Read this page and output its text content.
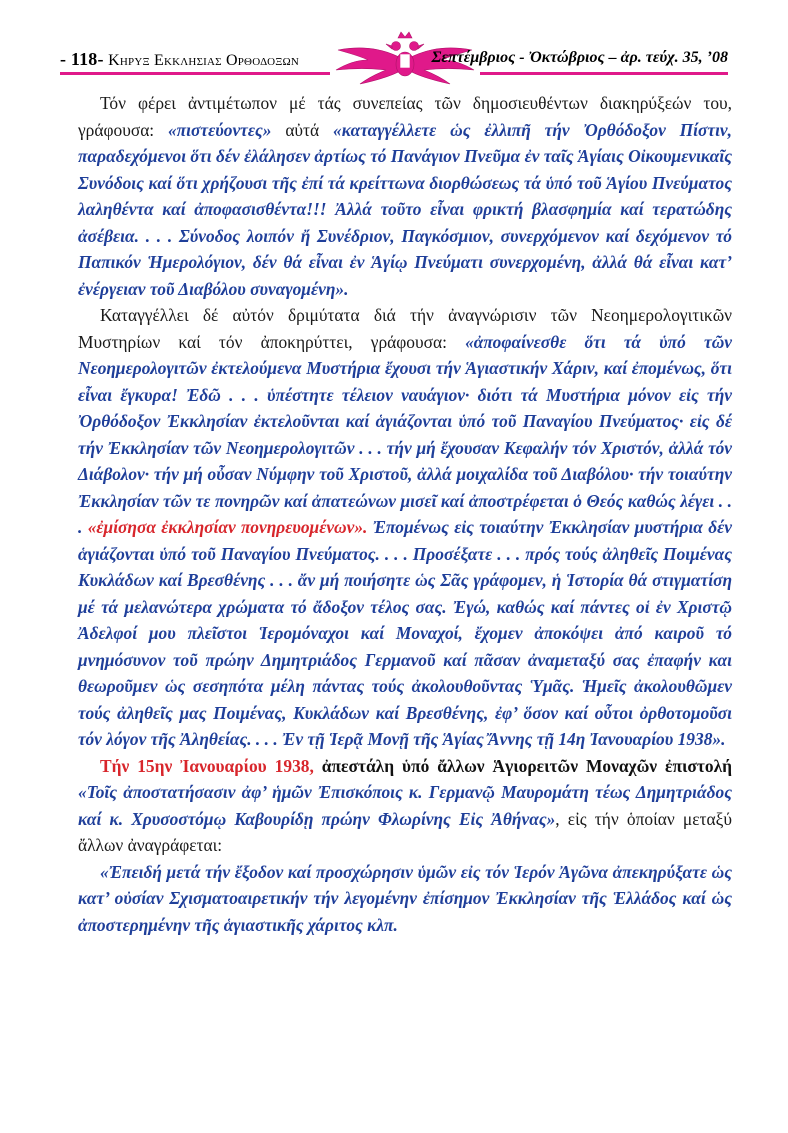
- 118- Κηρυξ Εκκλησιας Ορθοδοξων	Σεπτέμβριος - Ὀκτώβριος – ἀρ. τεύχ. 35, ’08

Τόν φέρει ἀντιμέτωπον μέ τάς συνεπείας τῶν δημοσιευθέντων διακηρύξεών του, γράφουσα: «πιστεύοντες» αὐτά «καταγγέλλετε ὡς ἐλλιπῆ τήν Ὀρθόδοξον Πίστιν, παραδεχόμενοι ὅτι δέν ἐλάλησεν ἀρτίως τό Πανάγιον Πνεῦμα ἐν ταῖς Ἁγίαις Οἰκουμενικαῖς Συνόδοις καί ὅτι χρήζουσι τῆς ἐπί τά κρείττωνα διορθώσεως τά ὑπό τοῦ Ἁγίου Πνεύματος λαληθέντα καί ἀποφασισθέντα!!! Ἀλλά τοῦτο εἶναι φρικτή βλασφημία καί τερατώδης ἀσέβεια. . . . Σύνοδος λοιπόν ἤ Συνέδριον, Παγκόσμιον, συνερχόμενον καί δεχόμενον τό Παπικόν Ἡμερολόγιον, δέν θά εἶναι ἐν Ἁγίῳ Πνεύματι συνερχομένη, ἀλλά θά εἶναι κατ’ ἐνέργειαν τοῦ Διαβόλου συναγομένη».

Καταγγέλλει δέ αὐτόν δριμύτατα διά τήν ἀναγνώρισιν τῶν Νεοημερολογιτικῶν Μυστηρίων καί τόν ἀποκηρύττει, γράφουσα: «ἀποφαίνεσθε ὅτι τά ὑπό τῶν Νεοημερολογιτῶν ἐκτελούμενα Μυστήρια ἔχουσι τήν Ἁγιαστικήν Χάριν, καί ἐπομένως, ὅτι εἶναι ἔγκυρα! Ἐδῶ . . . ὑπέστητε τέλειον ναυάγιον· διότι τά Μυστήρια μόνον εἰς τήν Ὀρθόδοξον Ἐκκλησίαν ἐκτελοῦνται καί ἁγιάζονται ὑπό τοῦ Παναγίου Πνεύματος· εἰς δέ τήν Ἐκκλησίαν τῶν Νεοημερολογιτῶν . . . τήν μή ἔχουσαν Κεφαλήν τόν Χριστόν, ἀλλά τόν Διάβολον· τήν μή οὖσαν Νύμφην τοῦ Χριστοῦ, ἀλλά μοιχαλίδα τοῦ Διαβόλου· τήν τοιαύτην Ἐκκλησίαν τῶν τε πονηρῶν καί ἀπατεώνων μισεῖ καί ἀποστρέφεται ὁ Θεός καθώς λέγει . . . «ἐμίσησα ἐκκλησίαν πονηρευομένων». Ἐπομένως εἰς τοιαύτην Ἐκκλησίαν μυστήρια δέν ἁγιάζονται ὑπό τοῦ Παναγίου Πνεύματος. . . . Προσέξατε . . . πρός τούς ἀληθεῖς Ποιμένας Κυκλάδων καί Βρεσθένης . . . ἄν μή ποιήσητε ὡς Σᾶς γράφομεν, ἡ Ἱστορία θά στιγματίση μέ τά μελανώτερα χρώματα τό ἄδοξον τέλος σας. Ἐγώ, καθώς καί πάντες οἱ ἐν Χριστῷ Ἀδελφοί μου πλεῖστοι Ἱερομόναχοι καί Μοναχοί, ἔχομεν ἀποκόψει ἀπό καιροῦ τό μνημόσυνον τοῦ πρώην Δημητριάδος Γερμανοῦ καί πᾶσαν ἀναμεταξύ σας ἐπαφήν και θεωροῦμεν ὡς σεσηπότα μέλη πάντας τούς ἀκολουθοῦντας Ὑμᾶς. Ἡμεῖς ἀκολουθῶμεν τούς ἀληθεῖς μας Ποιμένας, Κυκλάδων καί Βρεσθένης, ἐφ’ ὅσον καί οὗτοι ὀρθοτομοῦσι τόν λόγον τῆς Ἀληθείας. . . . Ἐν τῇ Ἱερᾷ Μονῇ τῆς Ἁγίας Ἄννης τῇ 14η Ἰανουαρίου 1938».

Τήν 15ην Ἰανουαρίου 1938, ἀπεστάλη ὑπό ἄλλων Ἁγιορειτῶν Μοναχῶν ἐπιστολή «Τοῖς ἀποστατήσασιν ἀφ’ ἡμῶν Ἐπισκόποις κ. Γερμανῷ Μαυρομάτη τέως Δημητριάδος καί κ. Χρυσοστόμῳ Καβουρίδῃ πρώην Φλωρίνης Εἰς Ἀθήνας», εἰς τήν ὁποίαν μεταξύ ἄλλων ἀναγράφεται:

«Ἐπειδή μετά τήν ἔξοδον καί προσχώρησιν ὑμῶν εἰς τόν Ἱερόν Ἀγῶνα ἀπεκηρύξατε ὡς κατ’ οὐσίαν Σχισματοαιρετικήν τήν λεγομένην ἐπίσημον Ἐκκλησίαν τῆς Ἑλλάδος καί ὡς ἀποστερημένην τῆς ἁγιαστικῆς χάριτος κλπ.
